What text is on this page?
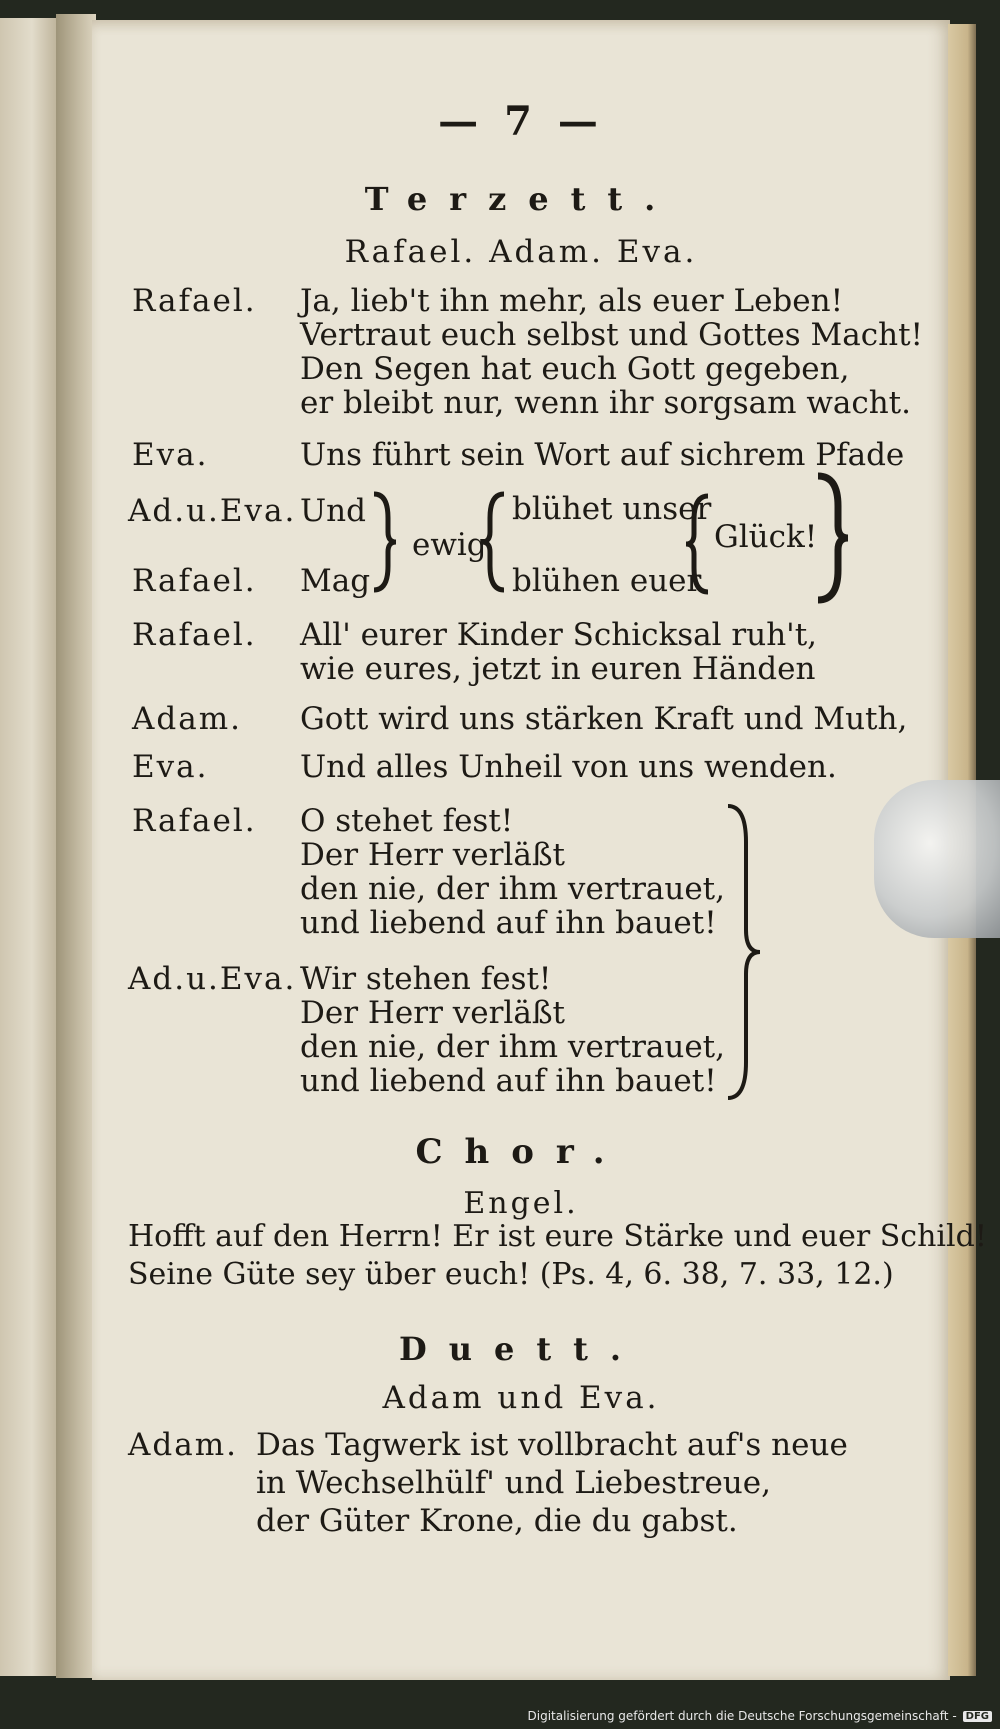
— 7 —
Terzett.
Rafael. Adam. Eva.
Rafael. Ja, lieb't ihn mehr, als euer Leben!
Vertraut euch selbst und Gottes Macht!
Den Segen hat euch Gott gegeben,
er bleibt nur, wenn ihr sorgsam wacht.
Eva.	Uns führt sein Wort auf sichrem Pfade
Ad.u.Eva. Und
Rafael. Mag
ewig
blühet unser
blühen euer
Glück!
Rafael. All' eurer Kinder Schicksal ruh't,
wie eures, jetzt in euren Händen
Adam. Gott wird uns stärken Kraft und Muth,
Eva.	Und alles Unheil von uns wenden.
Rafael. O stehet fest!
Der Herr verläßt
den nie, der ihm vertrauet,
und liebend auf ihn bauet!
Ad.u.Eva. Wir stehen fest!
Der Herr verläßt
den nie, der ihm vertrauet,
und liebend auf ihn bauet!
Chor.
Engel.
Hofft auf den Herrn! Er ist eure Stärke und euer Schild!
Seine Güte sey über euch! (Ps. 4, 6. 38, 7. 33, 12.)
Duett.
Adam und Eva.
Adam. Das Tagwerk ist vollbracht auf's neue
in Wechselhülf' und Liebestreue,
der Güter Krone, die du gabst.
Digitalisierung gefördert durch die Deutsche Forschungsgemeinschaft - DFG
